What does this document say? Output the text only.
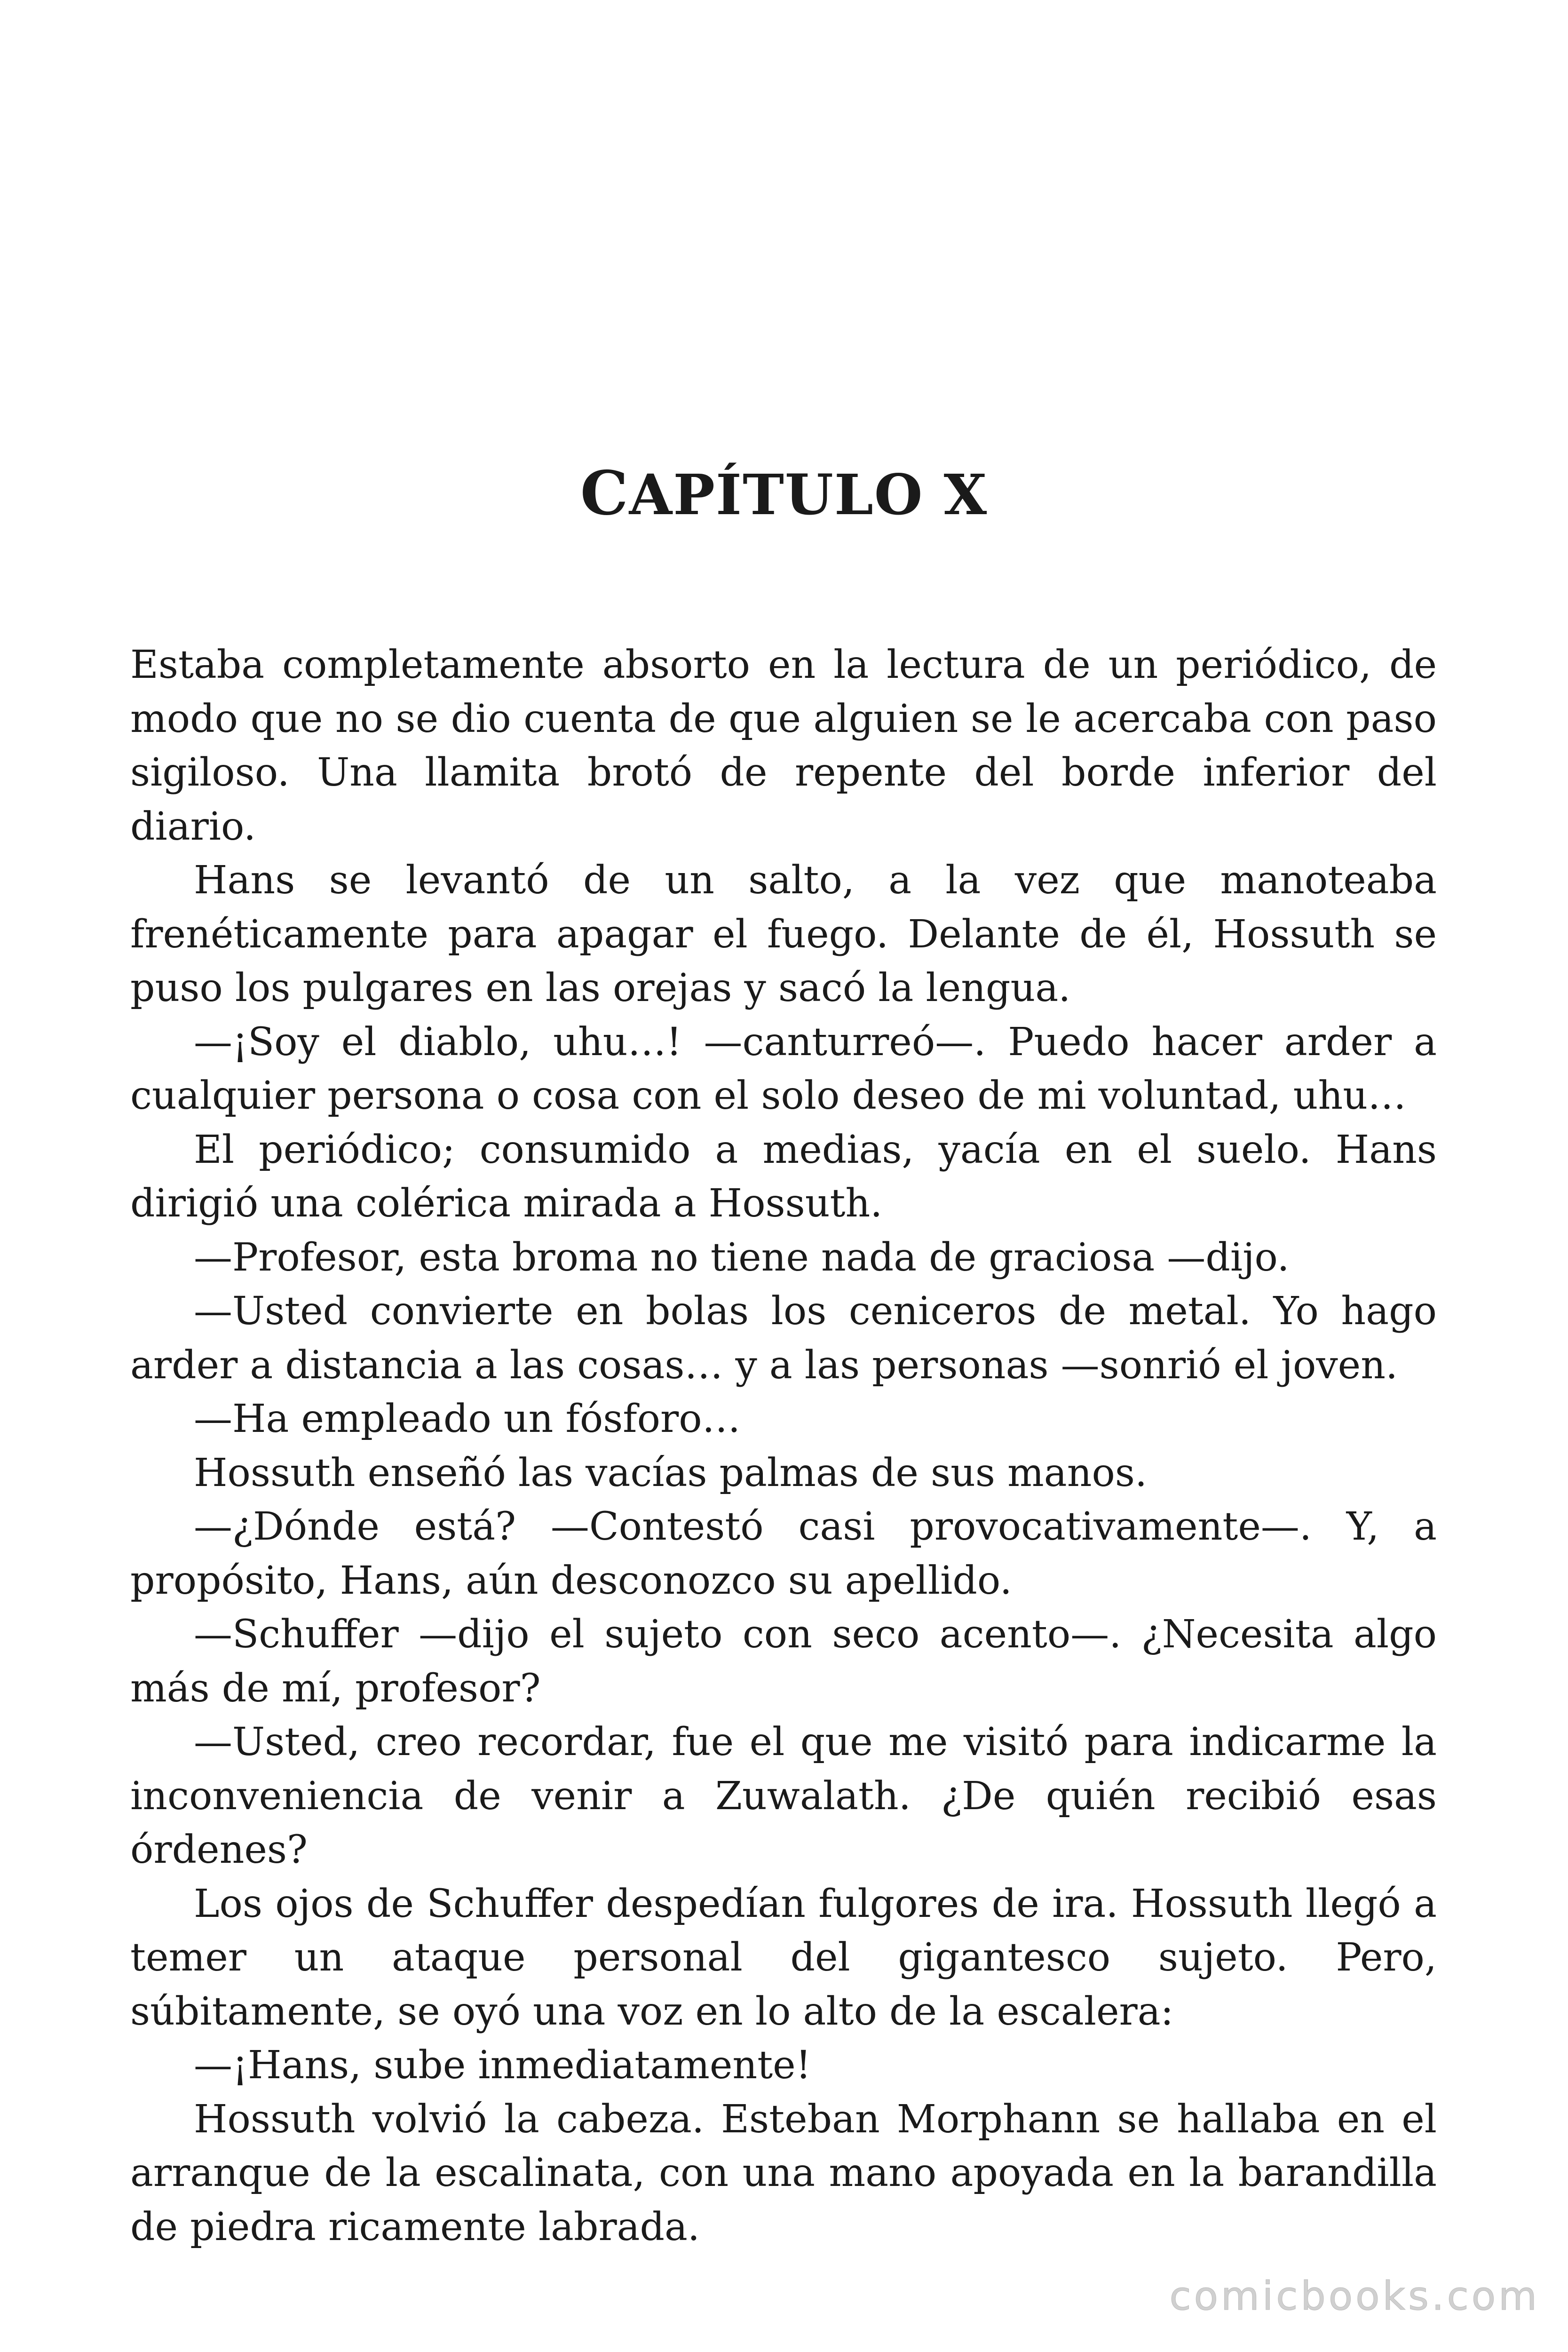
CAPÍTULO X

Estaba completamente absorto en la lectura de un periódico, de modo que no se dio cuenta de que alguien se le acercaba con paso sigiloso. Una llamita brotó de repente del borde inferior del diario.

Hans se levantó de un salto, a la vez que manoteaba frenéticamente para apagar el fuego. Delante de él, Hossuth se puso los pulgares en las orejas y sacó la lengua.

—¡Soy el diablo, uhu…! —canturreó—. Puedo hacer arder a cualquier persona o cosa con el solo deseo de mi voluntad, uhu…

El periódico; consumido a medias, yacía en el suelo. Hans dirigió una colérica mirada a Hossuth.

—Profesor, esta broma no tiene nada de graciosa —dijo.

—Usted convierte en bolas los ceniceros de metal. Yo hago arder a distancia a las cosas… y a las personas —sonrió el joven.

—Ha empleado un fósforo…

Hossuth enseñó las vacías palmas de sus manos.

—¿Dónde está? —Contestó casi provocativamente—. Y, a propósito, Hans, aún desconozco su apellido.

—Schuffer —dijo el sujeto con seco acento—. ¿Necesita algo más de mí, profesor?

—Usted, creo recordar, fue el que me visitó para indicarme la inconveniencia de venir a Zuwalath. ¿De quién recibió esas órdenes?

Los ojos de Schuffer despedían fulgores de ira. Hossuth llegó a temer un ataque personal del gigantesco sujeto. Pero, súbitamente, se oyó una voz en lo alto de la escalera:

—¡Hans, sube inmediatamente!

Hossuth volvió la cabeza. Esteban Morphann se hallaba en el arranque de la escalinata, con una mano apoyada en la barandilla de piedra ricamente labrada.

comicbooks.com
